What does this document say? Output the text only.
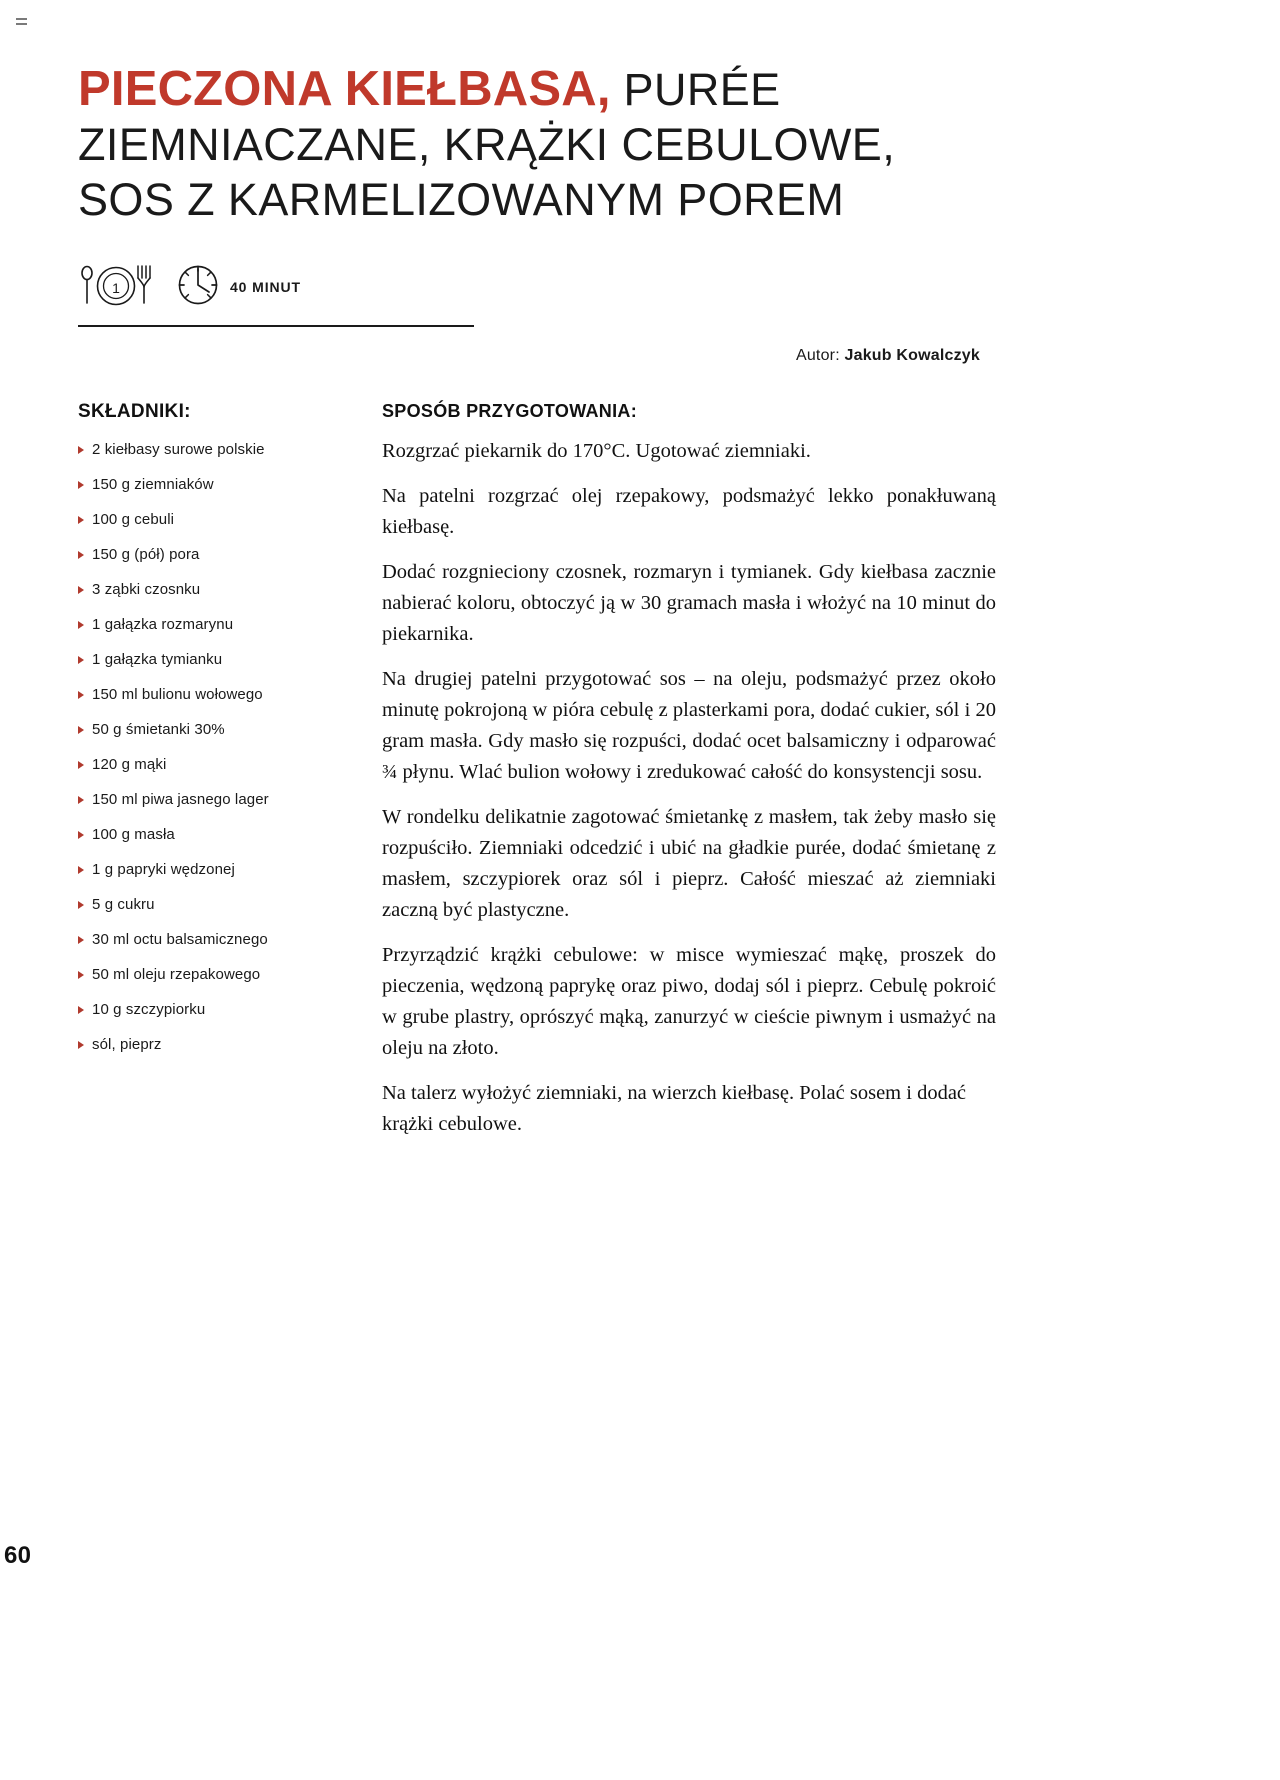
PIECZONA KIEŁBASA, PURÉE ZIEMNIACZANE, KRĄŻKI CEBULOWE, SOS Z KARMELIZOWANYM POREM
1	40 MINUT
Autor: Jakub Kowalczyk
SKŁADNIKI:
2 kiełbasy surowe polskie
150 g ziemniaków
100 g cebuli
150 g (pół) pora
3 ząbki czosnku
1 gałązka rozmarynu
1 gałązka tymianku
150 ml bulionu wołowego
50 g śmietanki 30%
120 g mąki
150 ml piwa jasnego lager
100 g masła
1 g papryki wędzonej
5 g cukru
30 ml octu balsamicznego
50 ml oleju rzepakowego
10 g szczypiorku
sól, pieprz
SPOSÓB PRZYGOTOWANIA:

Rozgrzać piekarnik do 170°C. Ugotować ziemniaki.

Na patelni rozgrzać olej rzepakowy, podsmażyć lekko ponakłuwaną kiełbasę.

Dodać rozgnieciony czosnek, rozmaryn i tymianek. Gdy kiełbasa zacznie nabierać koloru, obtoczyć ją w 30 gramach masła i włożyć na 10 minut do piekarnika.

Na drugiej patelni przygotować sos – na oleju, podsmażyć przez około minutę pokrojoną w pióra cebulę z plasterkami pora, dodać cukier, sól i 20 gram masła. Gdy masło się rozpuści, dodać ocet balsamiczny i odparować ¾ płynu. Wlać bulion wołowy i zredukować całość do konsystencji sosu.

W rondelku delikatnie zagotować śmietankę z masłem, tak żeby masło się rozpuściło. Ziemniaki odcedzić i ubić na gładkie purée, dodać śmietanę z masłem, szczypiorek oraz sól i pieprz. Całość mieszać aż ziemniaki zaczną być plastyczne.

Przyrządzić krążki cebulowe: w misce wymieszać mąkę, proszek do pieczenia, wędzoną paprykę oraz piwo, dodaj sól i pieprz. Cebulę pokroić w grube plastry, oprószyć mąką, zanurzyć w cieście piwnym i usmażyć na oleju na złoto.

Na talerz wyłożyć ziemniaki, na wierzch kiełbasę. Polać sosem i dodać krążki cebulowe.

60
